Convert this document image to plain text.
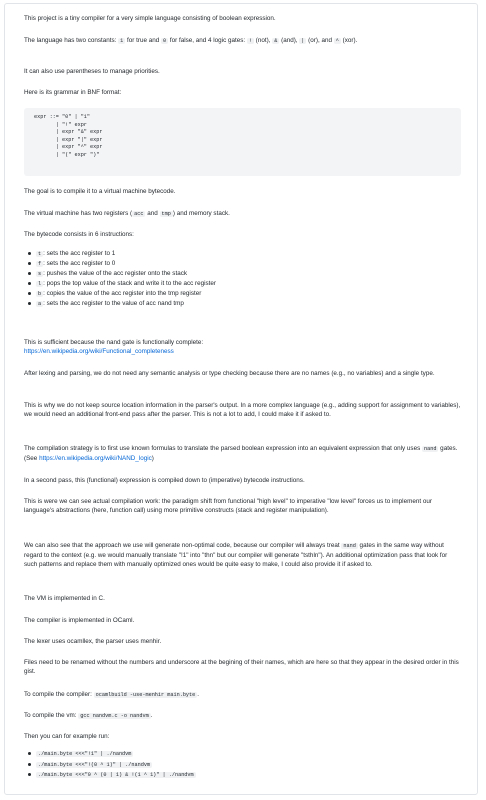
This project is a tiny compiler for a very simple language consisting of boolean expression.

The language has two constants: 1 for true and 0 for false, and 4 logic gates: ! (not), & (and), | (or), and ^ (xor).

It can also use parentheses to manage priorities.

Here is its grammar in BNF format:

expr ::= "0" | "1"
| "!" expr
| expr "&" expr
| expr "|" expr
| expr "^" expr
| "(" expr ")"

The goal is to compile it to a virtual machine bytecode.

The virtual machine has two registers ( acc and tmp ) and memory stack.

The bytecode consists in 6 instructions:

t : sets the acc register to 1
f : sets the acc register to 0
s : pushes the value of the acc register onto the stack
l : pops the top value of the stack and write it to the acc register
b : copies the value of the acc register into the tmp register
a : sets the acc register to the value of acc nand tmp

This is sufficient because the nand gate is functionally complete:
https://en.wikipedia.org/wiki/Functional_completeness

After lexing and parsing, we do not need any semantic analysis or type checking because there are no names (e.g., no variables) and a single type.

This is why we do not keep source location information in the parser's output. In a more complex language (e.g., adding support for assignment to variables), we would need an additional front-end pass after the parser. This is not a lot to add, I could make it if asked to.

The compilation strategy is to first use known formulas to translate the parsed boolean expression into an equivalent expression that only uses nand gates. (See https://en.wikipedia.org/wiki/NAND_logic)

In a second pass, this (functional) expression is compiled down to (imperative) bytecode instructions.

This is were we can see actual compilation work: the paradigm shift from functional "high level" to imperative "low level" forces us to implement our language's abstractions (here, function call) using more primitive constructs (stack and register manipulation).

We can also see that the approach we use will generate non-optimal code, because our compiler will always treat nand gates in the same way without regard to the context (e.g. we would manually translate "!1" into "thn" but our compiler will generate "tsthln"). An additional optimization pass that look for such patterns and replace them with manually optimized ones would be quite easy to make, I could also provide it if asked to.

The VM is implemented in C.

The compiler is implemented in OCaml.

The lexer uses ocamllex, the parser uses menhir.

Files need to be renamed without the numbers and underscore at the begining of their names, which are here so that they appear in the desired order in this gist.

To compile the compiler: ocamlbuild -use-menhir main.byte .

To compile the vm: gcc nandvm.c -o nandvm .

Then you can for example run:

./main.byte <<<"!1" | ./nandvm
./main.byte <<<"!(0 ^ 1)" | ./nandvm
./main.byte <<<"0 ^ (0 | 1) & !(1 ^ 1)" | ./nandvm
